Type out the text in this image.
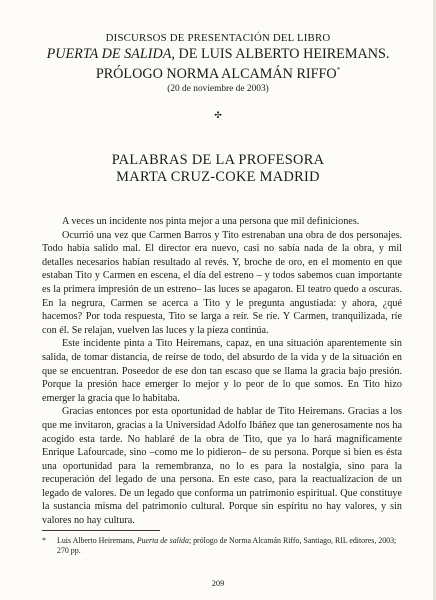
DISCURSOS DE PRESENTACIÓN DEL LIBRO
PUERTA DE SALIDA, DE LUIS ALBERTO HEIREMANS.
PRÓLOGO NORMA ALCAMÁN RIFFO*
(20 de noviembre de 2003)
✣
PALABRAS DE LA PROFESORA
MARTA CRUZ-COKE MADRID

A veces un incidente nos pinta mejor a una persona que mil definiciones.

Ocurrió una vez que Carmen Barros y Tito estrenaban una obra de dos personajes. Todo había salido mal. El director era nuevo, casi no sabía nada de la obra, y mil detalles necesarios habían resultado al revés. Y, broche de oro, en el momento en que estaban Tito y Carmen en escena, el día del estreno – y todos sabemos cuan importante es la primera impresión de un estreno– las luces se apagaron. El teatro quedo a oscuras. En la negrura, Carmen se acerca a Tito y le pregunta angustiada: y ahora, ¿qué hacemos? Por toda respuesta, Tito se larga a reír. Se ríe. Y Carmen, tranquilizada, ríe con él. Se relajan, vuelven las luces y la pieza continúa.

Este incidente pinta a Tito Heiremans, capaz, en una situación aparentemente sin salida, de tomar distancia, de reírse de todo, del absurdo de la vida y de la situación en que se encuentran. Poseedor de ese don tan escaso que se llama la gracia bajo presión. Porque la presión hace emerger lo mejor y lo peor de lo que somos. En Tito hizo emerger la gracia que lo habitaba.

Gracias entonces por esta oportunidad de hablar de Tito Heiremans. Gracias a los que me invitaron, gracias a la Universidad Adolfo Ibáñez que tan generosamente nos ha acogido esta tarde. No hablaré de la obra de Tito, que ya lo hará magníficamente Enrique Lafourcade, sino –como me lo pidieron– de su persona. Porque si bien es ésta una oportunidad para la remembranza, no lo es para la nostalgia, sino para la recuperación del legado de una persona. En este caso, para la reactualizacion de un legado de valores. De un legado que conforma un patrimonio espiritual. Que constituye la sustancia misma del patrimonio cultural. Porque sin espíritu no hay valores, y sin valores no hay cultura.

* Luis Alberto Heiremans, Puerta de salida; prólogo de Norma Alcamán Riffo, Santiago, RIL editores, 2003; 270 pp.
209
